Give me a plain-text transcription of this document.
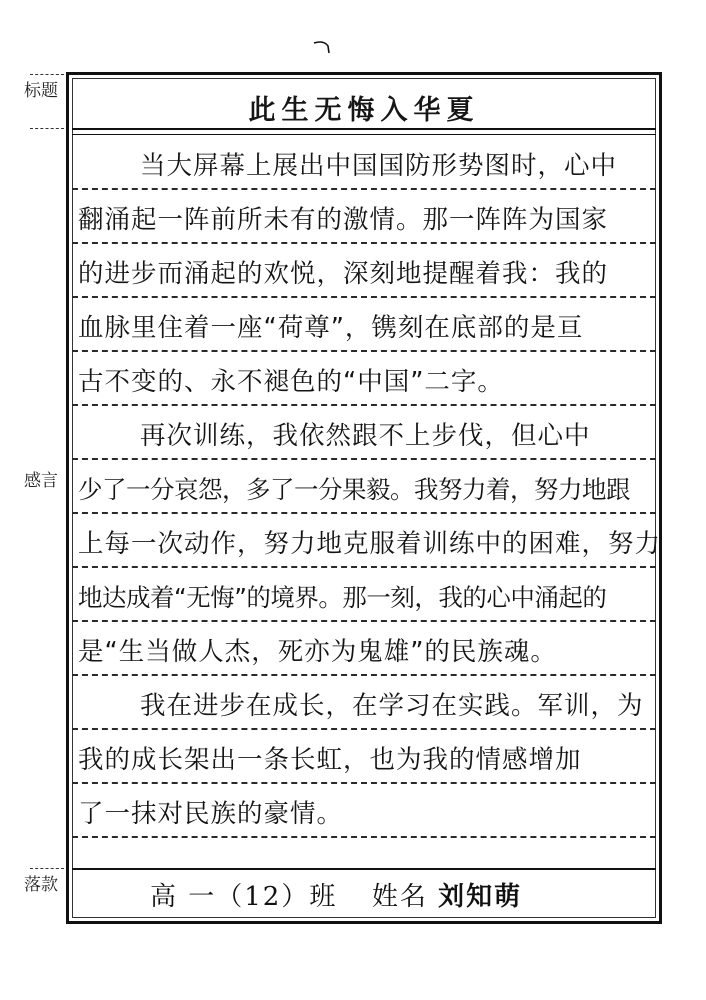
标题
感言
落款
此生无悔入华夏
当大屏幕上展出中国国防形势图时，心中
翻涌起一阵前所未有的激情。那一阵阵为国家
的进步而涌起的欢悦，深刻地提醒着我：我的
血脉里住着一座“荷尊”，镌刻在底部的是亘
古不变的、永不褪色的“中国”二字。
再次训练，我依然跟不上步伐，但心中
少了一分哀怨，多了一分果毅。我努力着，努力地跟
上每一次动作，努力地克服着训练中的困难，努力
地达成着“无悔”的境界。那一刻，我的心中涌起的
是“生当做人杰，死亦为鬼雄”的民族魂。
我在进步在成长，在学习在实践。军训，为
我的成长架出一条长虹，也为我的情感增加
了一抹对民族的豪情。
高 一（12）班 姓名 刘知萌
